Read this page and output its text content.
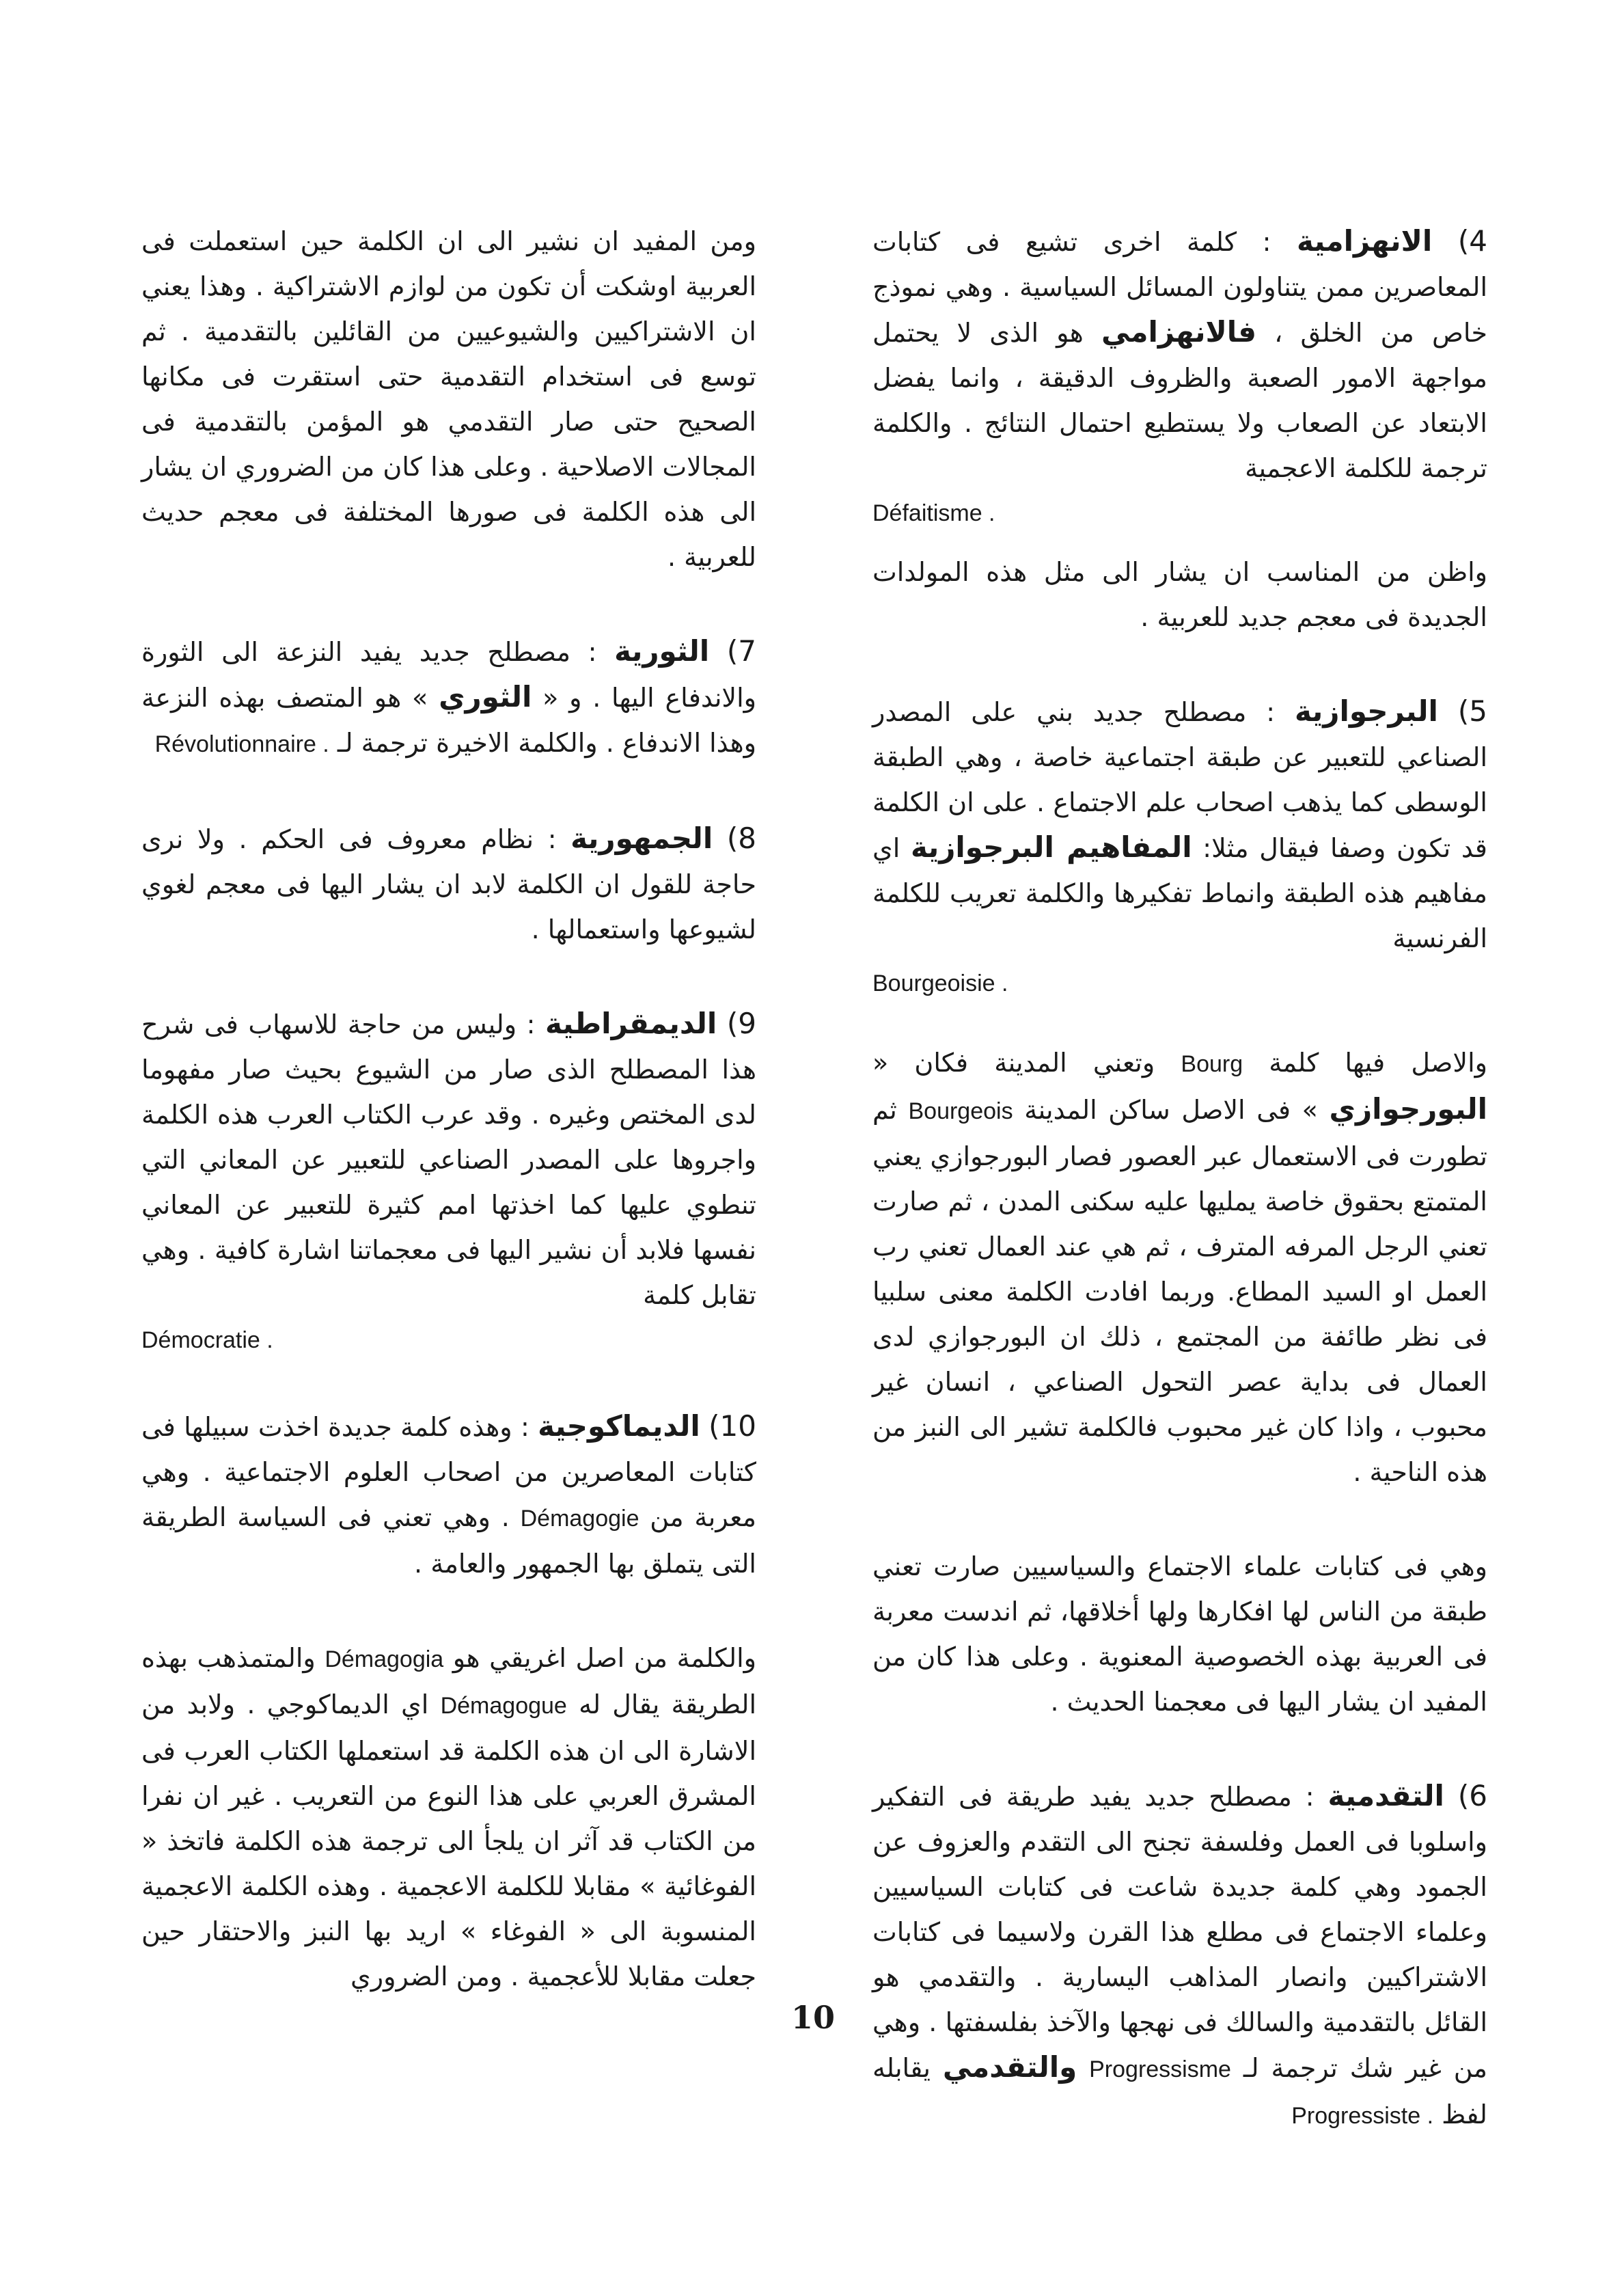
4) الانهزامية : كلمة اخرى تشيع فى كتابات المعاصرين ممن يتناولون المسائل السياسية . وهي نموذج خاص من الخلق ، فالانهزامي هو الذى لا يحتمل مواجهة الامور الصعبة والظروف الدقيقة ، وانما يفضل الابتعاد عن الصعاب ولا يستطيع احتمال النتائج . والكلمة ترجمة للكلمة الاعجمية

Défaitisme .

واظن من المناسب ان يشار الى مثل هذه المولدات الجديدة فى معجم جديد للعربية .

5) البرجوازية : مصطلح جديد بني على المصدر الصناعي للتعبير عن طبقة اجتماعية خاصة ، وهي الطبقة الوسطى كما يذهب اصحاب علم الاجتماع . على ان الكلمة قد تكون وصفا فيقال مثلا: المفاهيم البرجوازية اي مفاهيم هذه الطبقة وانماط تفكيرها والكلمة تعريب للكلمة الفرنسية

Bourgeoisie .

والاصل فيها كلمة Bourg وتعني المدينة فكان « البورجوازي » فى الاصل ساكن المدينة Bourgeois ثم تطورت فى الاستعمال عبر العصور فصار البورجوازي يعني المتمتع بحقوق خاصة يمليها عليه سكنى المدن ، ثم صارت تعني الرجل المرفه المترف ، ثم هي عند العمال تعني رب العمل او السيد المطاع. وربما افادت الكلمة معنى سلبيا فى نظر طائفة من المجتمع ، ذلك ان البورجوازي لدى العمال فى بداية عصر التحول الصناعي ، انسان غير محبوب ، واذا كان غير محبوب فالكلمة تشير الى النبز من هذه الناحية .

وهي فى كتابات علماء الاجتماع والسياسيين صارت تعني طبقة من الناس لها افكارها ولها أخلاقها، ثم اندست معربة فى العربية بهذه الخصوصية المعنوية . وعلى هذا كان من المفيد ان يشار اليها فى معجمنا الحديث .

6) التقدمية : مصطلح جديد يفيد طريقة فى التفكير واسلوبا فى العمل وفلسفة تجنح الى التقدم والعزوف عن الجمود وهي كلمة جديدة شاعت فى كتابات السياسيين وعلماء الاجتماع فى مطلع هذا القرن ولاسيما فى كتابات الاشتراكيين وانصار المذاهب اليسارية . والتقدمي هو القائل بالتقدمية والسالك فى نهجها والآخذ بفلسفتها . وهي من غير شك ترجمة لـ Progressisme والتقدمي يقابله لفظ Progressiste .

ومن المفيد ان نشير الى ان الكلمة حين استعملت فى العربية اوشكت أن تكون من لوازم الاشتراكية . وهذا يعني ان الاشتراكيين والشيوعيين من القائلين بالتقدمية . ثم توسع فى استخدام التقدمية حتى استقرت فى مكانها الصحيح حتى صار التقدمي هو المؤمن بالتقدمية فى المجالات الاصلاحية . وعلى هذا كان من الضروري ان يشار الى هذه الكلمة فى صورها المختلفة فى معجم حديث للعربية .

7) الثورية : مصطلح جديد يفيد النزعة الى الثورة والاندفاع اليها . و « الثوري » هو المتصف بهذه النزعة وهذا الاندفاع . والكلمة الاخيرة ترجمة لـ Révolutionnaire .

8) الجمهورية : نظام معروف فى الحكم . ولا نرى حاجة للقول ان الكلمة لابد ان يشار اليها فى معجم لغوي لشيوعها واستعمالها .

9) الديمقراطية : وليس من حاجة للاسهاب فى شرح هذا المصطلح الذى صار من الشيوع بحيث صار مفهوما لدى المختص وغيره . وقد عرب الكتاب العرب هذه الكلمة واجروها على المصدر الصناعي للتعبير عن المعاني التي تنطوي عليها كما اخذتها امم كثيرة للتعبير عن المعاني نفسها فلابد أن نشير اليها فى معجماتنا اشارة كافية . وهي تقابل كلمة

Démocratie .

10) الديماكوجية : وهذه كلمة جديدة اخذت سبيلها فى كتابات المعاصرين من اصحاب العلوم الاجتماعية . وهي معربة من Démagogie . وهي تعني فى السياسة الطريقة التى يتملق بها الجمهور والعامة .

والكلمة من اصل اغريقي هو Démagogia والمتمذهب بهذه الطريقة يقال له Démagogue اي الديماكوجي . ولابد من الاشارة الى ان هذه الكلمة قد استعملها الكتاب العرب فى المشرق العربي على هذا النوع من التعريب . غير ان نفرا من الكتاب قد آثر ان يلجأ الى ترجمة هذه الكلمة فاتخذ « الفوغائية » مقابلا للكلمة الاعجمية . وهذه الكلمة الاعجمية المنسوبة الى « الفوغاء » اريد بها النبز والاحتقار حين جعلت مقابلا للأعجمية . ومن الضروري

10
